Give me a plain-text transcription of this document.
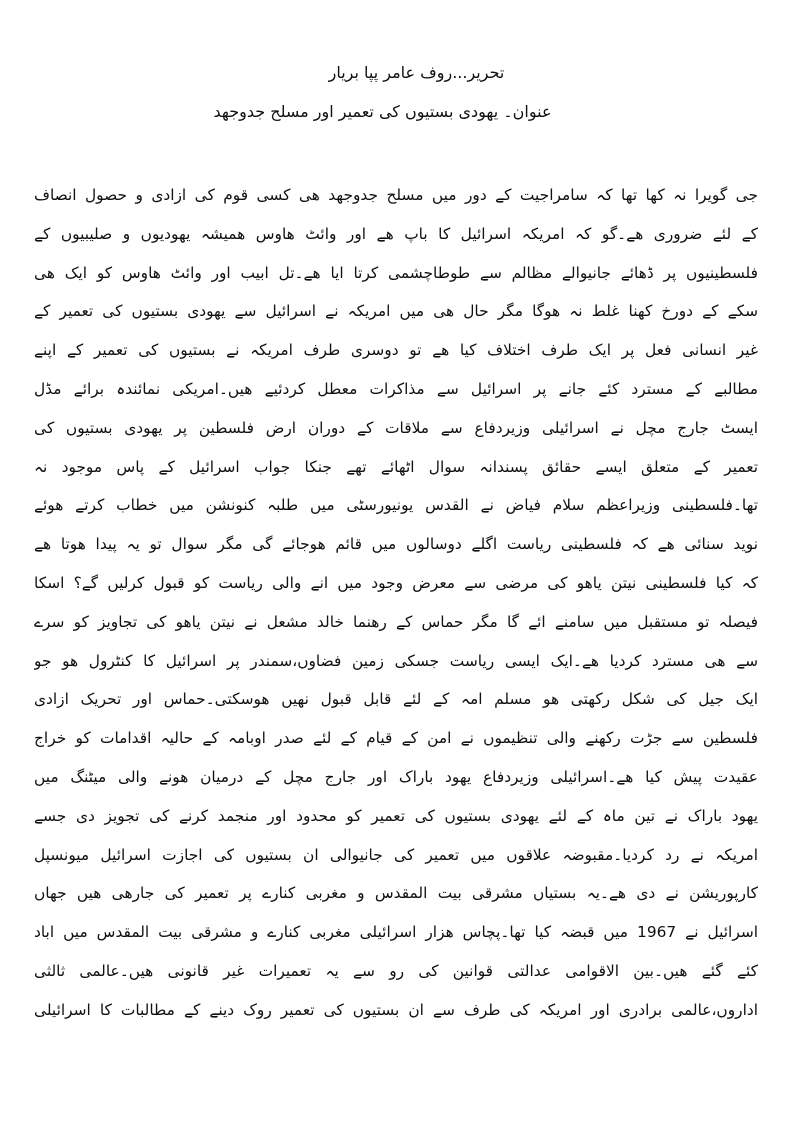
تحریر...روف عامر پپا بریار
عنوان۔ یھودی بستیوں کی تعمیر اور مسلح جدوجھد
جی گویرا نہ کھا تھا کہ سامراجیت کے دور میں مسلح جدوجھد ھی کسی قوم کی ازادی و حصول انصاف
کے لئے ضروری ھے۔گو کہ امریکہ اسرائیل کا باپ ھے اور وائٹ ھاوس ھمیشہ یھودیوں و صلیبیوں کے
فلسطینیوں پر ڈھائے جانیوالے مظالم سے طوطاچشمی کرتا ایا ھے۔تل ابیب اور وائٹ ھاوس کو ایک ھی
سکے کے دورخ کھنا غلط نہ ھوگا مگر حال ھی میں امریکہ نے اسرائیل سے یھودی بستیوں کی تعمیر کے
غیر انسانی فعل پر ایک طرف اختلاف کیا ھے تو دوسری طرف امریکہ نے بستیوں کی تعمیر کے اپنے
مطالبے کے مسترد کئے جانے پر اسرائیل سے مذاکرات معطل کردئیے ھیں۔امریکی نمائندہ برائے مڈل
ایسٹ جارج مچل نے اسرائیلی وزیردفاع سے ملاقات کے دوران ارض فلسطین پر یھودی بستیوں کی
تعمیر کے متعلق ایسے حقائق پسندانہ سوال اٹھائے تھے جنکا جواب اسرائیل کے پاس موجود نہ
تھا۔فلسطینی وزیراعظم سلام فیاض نے القدس یونیورسٹی میں طلبہ کنونشن میں خطاب کرتے ھوئے
نوید سنائی ھے کہ فلسطینی ریاست اگلے دوسالوں میں قائم ھوجائے گی مگر سوال تو یہ پیدا ھوتا ھے
کہ کیا فلسطینی نیتن یاھو کی مرضی سے معرض وجود میں انے والی ریاست کو قبول کرلیں گے؟ اسکا
فیصلہ تو مستقبل میں سامنے ائے گا مگر حماس کے رھنما خالد مشعل نے نیتن یاھو کی تجاویز کو سرے
سے ھی مسترد کردیا ھے۔ایک ایسی ریاست جسکی زمین فضاوں،سمندر پر اسرائیل کا کنٹرول ھو جو
ایک جیل کی شکل رکھتی ھو مسلم امہ کے لئے قابل قبول نھیں ھوسکتی۔حماس اور تحریک ازادی
فلسطین سے جڑت رکھنے والی تنظیموں نے امن کے قیام کے لئے صدر اوبامہ کے حالیہ اقدامات کو خراج
عقیدت پیش کیا ھے۔اسرائیلی وزیردفاع یھود باراک اور جارج مچل کے درمیان ھونے والی میٹنگ میں
یھود باراک نے تین ماہ کے لئے یھودی بستیوں کی تعمیر کو محدود اور منجمد کرنے کی تجویز دی جسے
امریکہ نے رد کردیا۔مقبوضہ علاقوں میں تعمیر کی جانیوالی ان بستیوں کی اجازت اسرائیل میونسپل
کارپوریشن نے دی ھے۔یہ بستیاں مشرقی بیت المقدس و مغربی کنارے پر تعمیر کی جارھی ھیں جھاں
اسرائیل نے 1967 میں قبضہ کیا تھا۔پچاس ھزار اسرائیلی مغربی کنارے و مشرقی بیت المقدس میں اباد
کئے گئے ھیں۔بین الاقوامی عدالتی قوانین کی رو سے یہ تعمیرات غیر قانونی ھیں۔عالمی ثالثی
اداروں،عالمی برادری اور امریکہ کی طرف سے ان بستیوں کی تعمیر روک دینے کے مطالبات کا اسرائیلی
